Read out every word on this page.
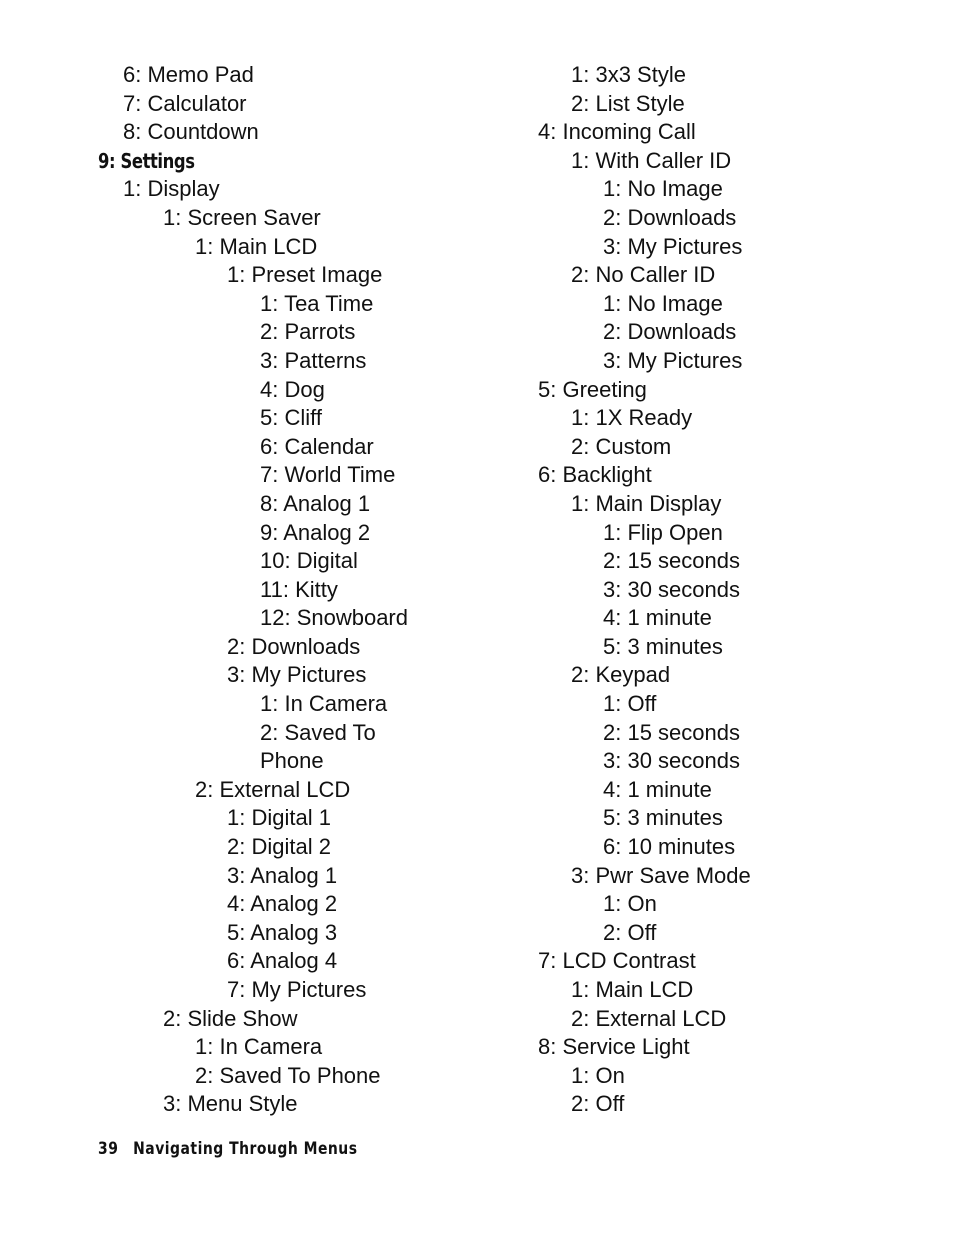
6: Memo Pad
7: Calculator
8: Countdown
9: Settings
1: Display
1: Screen Saver
1: Main LCD
1: Preset Image
1: Tea Time
2: Parrots
3: Patterns
4: Dog
5: Cliff
6: Calendar
7: World Time
8: Analog 1
9: Analog 2
10: Digital
11: Kitty
12: Snowboard
2: Downloads
3: My Pictures
1: In Camera
2: Saved To
Phone
2: External LCD
1: Digital 1
2: Digital 2
3: Analog 1
4: Analog 2
5: Analog 3
6: Analog 4
7: My Pictures
2: Slide Show
1: In Camera
2: Saved To Phone
3: Menu Style
1: 3x3 Style
2: List Style
4: Incoming Call
1: With Caller ID
1: No Image
2: Downloads
3: My Pictures
2: No Caller ID
1: No Image
2: Downloads
3: My Pictures
5: Greeting
1: 1X Ready
2: Custom
6: Backlight
1: Main Display
1: Flip Open
2: 15 seconds
3: 30 seconds
4: 1 minute
5: 3 minutes
2: Keypad
1: Off
2: 15 seconds
3: 30 seconds
4: 1 minute
5: 3 minutes
6: 10 minutes
3: Pwr Save Mode
1: On
2: Off
7: LCD Contrast
1: Main LCD
2: External LCD
8: Service Light
1: On
2: Off
39 Navigating Through Menus
